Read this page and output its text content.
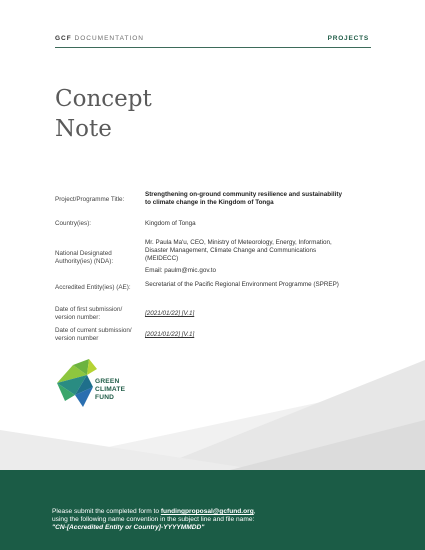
GCF DOCUMENTATION	PROJECTS
Concept
Note
Project/Programme Title:
Strengthening on-ground community resilience and sustainability to climate change in the Kingdom of Tonga
Country(ies):	Kingdom of Tonga
National Designated Authority(ies) (NDA):
Mr. Paula Ma'u, CEO, Ministry of Meteorology, Energy, Information, Disaster Management, Climate Change and Communications (MEIDECC)
Email: paulm@mic.gov.to
Accredited Entity(ies) (AE):	Secretariat of the Pacific Regional Environment Programme (SPREP)
Date of first submission/ version number:
[2021/01/22] [V.1]
Date of current submission/ version number
[2021/01/22] [V.1]
GREEN
CLIMATE
FUND
Please submit the completed form to fundingproposal@gcfund.org,
using the following name convention in the subject line and file name:
"CN-[Accredited Entity or Country]-YYYYMMDD"
